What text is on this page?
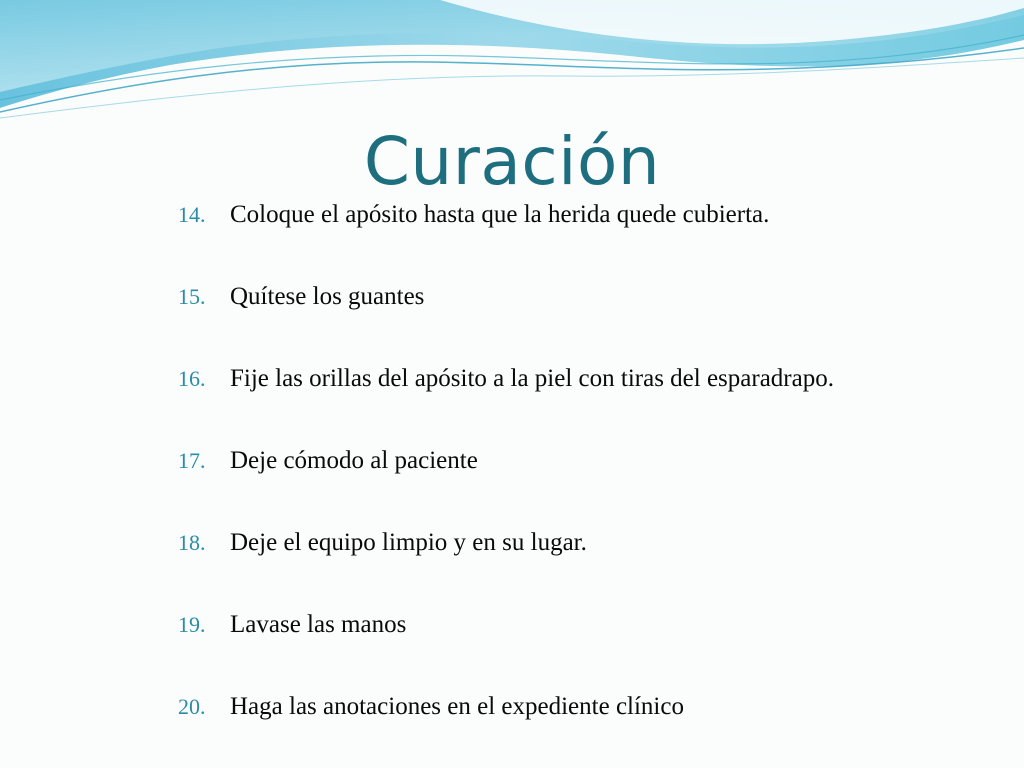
Curación
14. Coloque el apósito hasta que la herida quede cubierta.
15. Quítese los guantes
16. Fije las orillas del apósito a la piel con tiras del esparadrapo.
17. Deje cómodo al paciente
18. Deje el equipo limpio y en su lugar.
19. Lavase las manos
20. Haga las anotaciones en el expediente clínico
